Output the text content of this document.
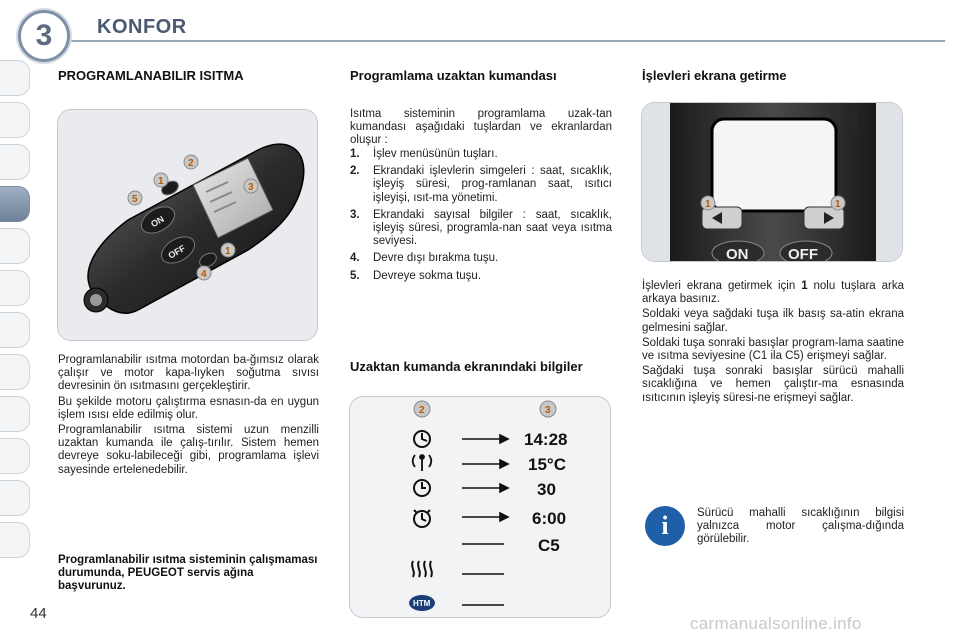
3 KONFOR
PROGRAMLANABILIR ISITMA
ON
OFF
1
2
3
5
1
4

Programlanabilir ısıtma motordan ba-ğımsız olarak çalışır ve motor kapa-lıyken soğutma sıvısı devresinin ön ısıtmasını gerçekleştirir.

Bu şekilde motoru çalıştırma esnasın-da en uygun işlem ısısı elde edilmiş olur.

Programlanabilir ısıtma sistemi uzun menzilli uzaktan kumanda ile çalış-tırılır. Sistem hemen devreye soku-labileceği gibi, programlama işlevi sayesinde ertelenedebilir.

Programlanabilir ısıtma sisteminin çalışmaması durumunda, PEUGEOT servis ağına başvurunuz.
Programlama uzaktan kumandası
Isıtma sisteminin programlama uzak-tan kumandası aşağıdaki tuşlardan ve ekranlardan oluşur :
1.	İşlev menüsünün tuşları.
2.	Ekrandaki işlevlerin simgeleri : saat, sıcaklık, işleyiş süresi, prog-ramlanan saat, ısıtıcı işleyişi, ısıt-ma yönetimi.
3.	Ekrandaki sayısal bilgiler : saat, sıcaklık, işleyiş süresi, programla-nan saat veya ısıtma seviyesi.
4.	Devre dışı bırakma tuşu.
5.	Devreye sokma tuşu.
Uzaktan kumanda ekranındaki bilgiler
2	3
HTM
14:28
15°C
30
6:00
C5
İşlevleri ekrana getirme
ON	OFF
1	1

İşlevleri ekrana getirmek için 1 nolu tuşlara arka arkaya basınız.

Soldaki veya sağdaki tuşa ilk basış sa-atin ekrana gelmesini sağlar.

Soldaki tuşa sonraki basışlar program-lama saatine ve ısıtma seviyesine (C1 ila C5) erişmeyi sağlar.

Sağdaki tuşa sonraki basışlar sürücü mahalli sıcaklığına ve hemen çalıştır-ma esnasında ısıtıcının işleyiş süresi-ne erişmeyi sağlar.

i Sürücü mahalli sıcaklığının bilgisi yalnızca motor çalışma-dığında görülebilir.
44
carmanualsonline.info
